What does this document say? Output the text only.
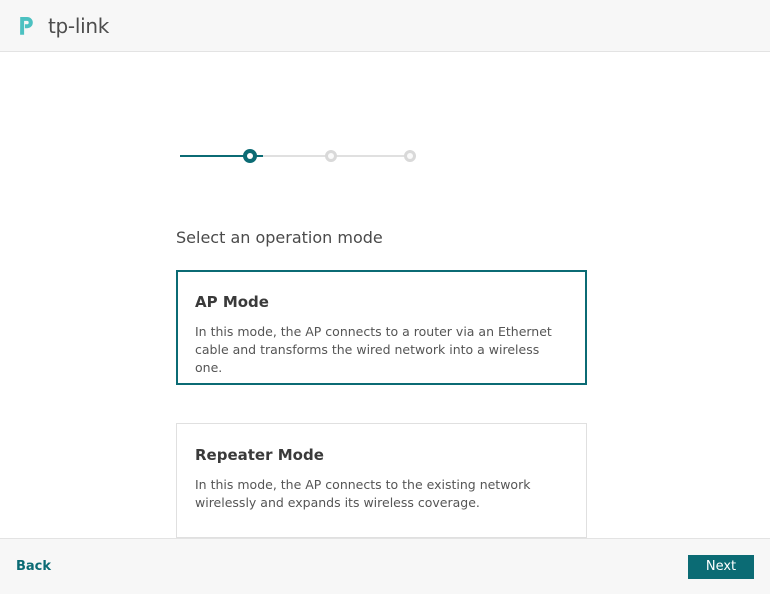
tp-link
Select an operation mode

AP Mode

In this mode, the AP connects to a router via an Ethernet cable and transforms the wired network into a wireless one.

Repeater Mode

In this mode, the AP connects to the existing network wirelessly and expands its wireless coverage.

Back	Next
